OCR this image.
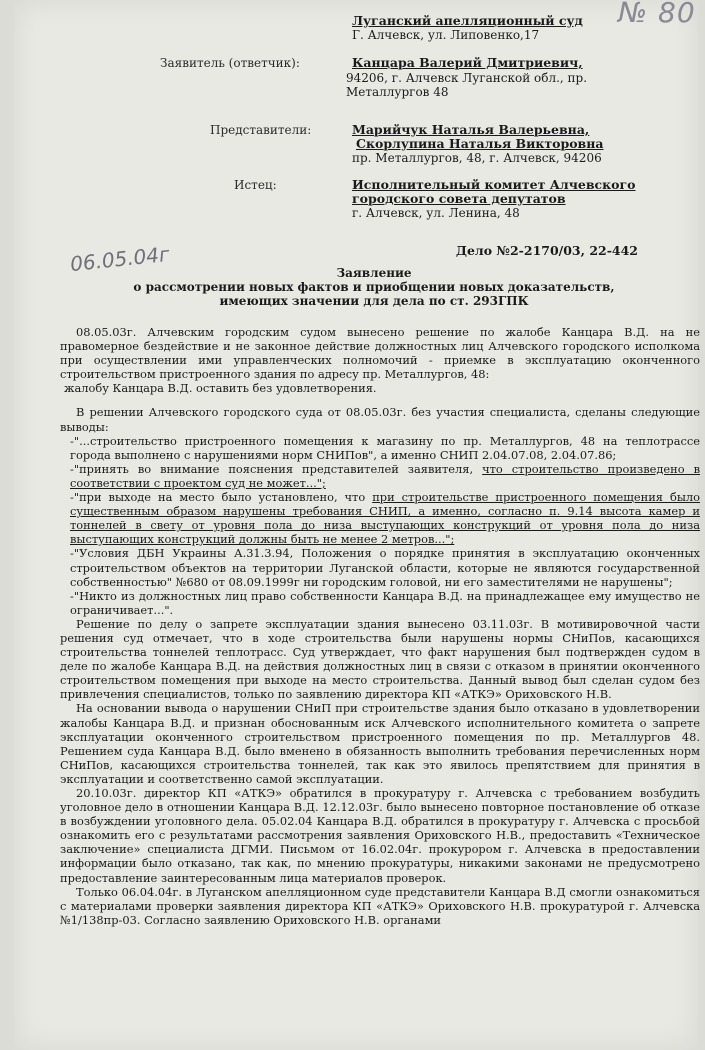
№ 80
Луганский апелляционный суд
Г. Алчевск, ул. Липовенко,17
Заявитель (ответчик):	Канцара Валерий Дмитриевич,
94206, г. Алчевск Луганской обл., пр.
Металлургов 48
Представители:	Марийчук Наталья Валерьевна,
Скорлупина Наталья Викторовна
пр. Металлургов, 48, г. Алчевск, 94206
Истец:	Исполнительный комитет Алчевского
городского совета депутатов
г. Алчевск, ул. Ленина, 48
06.05.04г	Дело №2-2170/03, 22-442
Заявление
о рассмотрении новых фактов и приобщении новых доказательств,
имеющих значении для дела по ст. 293ГПК

08.05.03г. Алчевским городским судом вынесено решение по жалобе Канцара В.Д. на не правомерное бездействие и не законное действие должностных лиц Алчевского городского исполкома при осуществлении ими управленческих полномочий - приемке в эксплуатацию оконченного строительством пристроенного здания по адресу пр. Металлургов, 48:

жалобу Канцара В.Д. оставить без удовлетворения.

В решении Алчевского городского суда от 08.05.03г. без участия специалиста, сделаны следующие выводы:

-"...строительство пристроенного помещения к магазину по пр. Металлургов, 48 на теплотрассе города выполнено с нарушениями норм СНИПов", а именно СНИП 2.04.07.08, 2.04.07.86;

-"принять во внимание пояснения представителей заявителя, что строительство произведено в соответствии с проектом суд не может...";

-"при выходе на место было установлено, что при строительстве пристроенного помещения было существенным образом нарушены требования СНИП, а именно, согласно п. 9.14 высота камер и тоннелей в свету от уровня пола до низа выступающих конструкций от уровня пола до низа выступающих конструкций должны быть не менее 2 метров...";

-"Условия ДБН Украины А.31.3.94, Положения о порядке принятия в эксплуатацию оконченных строительством объектов на территории Луганской области, которые не являются государственной собственностью" №680 от 08.09.1999г ни городским головой, ни его заместителями не нарушены";

-"Никто из должностных лиц право собственности Канцара В.Д. на принадлежащее ему имущество не ограничивает...".

Решение по делу о запрете эксплуатации здания вынесено 03.11.03г. В мотивировочной части решения суд отмечает, что в ходе строительства были нарушены нормы СНиПов, касающихся строительства тоннелей теплотрасс. Суд утверждает, что факт нарушения был подтвержден судом в деле по жалобе Канцара В.Д. на действия должностных лиц в связи с отказом в принятии оконченного строительством помещения при выходе на место строительства. Данный вывод был сделан судом без привлечения специалистов, только по заявлению директора КП «АТКЭ» Ориховского Н.В.

На основании вывода о нарушении СНиП при строительстве здания было отказано в удовлетворении жалобы Канцара В.Д. и признан обоснованным иск Алчевского исполнительного комитета о запрете эксплуатации оконченного строительством пристроенного помещения по пр. Металлургов 48. Решением суда Канцара В.Д. было вменено в обязанность выполнить требования перечисленных норм СНиПов, касающихся строительства тоннелей, так как это явилось препятствием для принятия в эксплуатации и соответственно самой эксплуатации.

20.10.03г. директор КП «АТКЭ» обратился в прокуратуру г. Алчевска с требованием возбудить уголовное дело в отношении Канцара В.Д. 12.12.03г. было вынесено повторное постановление об отказе в возбуждении уголовного дела. 05.02.04 Канцара В.Д. обратился в прокуратуру г. Алчевска с просьбой ознакомить его с результатами рассмотрения заявления Ориховского Н.В., предоставить «Техническое заключение» специалиста ДГМИ. Письмом от 16.02.04г. прокурором г. Алчевска в предоставлении информации было отказано, так как, по мнению прокуратуры, никакими законами не предусмотрено предоставление заинтересованным лица материалов проверок.

Только 06.04.04г. в Луганском апелляционном суде представители Канцара В.Д смогли ознакомиться с материалами проверки заявления директора КП «АТКЭ» Ориховского Н.В. прокуратурой г. Алчевска №1/138пр-03. Согласно заявлению Ориховского Н.В. органами
